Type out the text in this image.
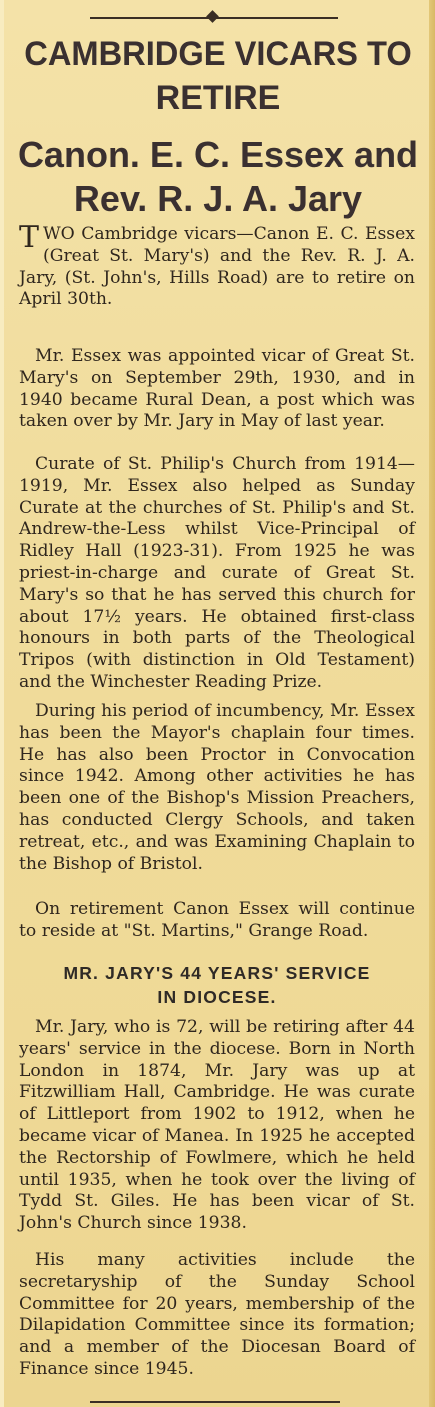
CAMBRIDGE VICARS TO
RETIRE
Canon. E. C. Essex and
Rev. R. J. A. Jary
TWO Cambridge vicars—Canon E. C. Essex (Great St. Mary's) and the Rev. R. J. A. Jary, (St. John's, Hills Road) are to retire on April 30th.
Mr. Essex was appointed vicar of Great St. Mary's on September 29th, 1930, and in 1940 became Rural Dean, a post which was taken over by Mr. Jary in May of last year.
Curate of St. Philip's Church from 1914—1919, Mr. Essex also helped as Sunday Curate at the churches of St. Philip's and St. Andrew-the-Less whilst Vice-Principal of Ridley Hall (1923-31). From 1925 he was priest-in-charge and curate of Great St. Mary's so that he has served this church for about 17½ years. He obtained first-class honours in both parts of the Theological Tripos (with distinction in Old Testament) and the Winchester Reading Prize.
During his period of incumbency, Mr. Essex has been the Mayor's chaplain four times. He has also been Proctor in Convocation since 1942. Among other activities he has been one of the Bishop's Mission Preachers, has conducted Clergy Schools, and taken retreat, etc., and was Examining Chaplain to the Bishop of Bristol.
On retirement Canon Essex will continue to reside at "St. Martins," Grange Road.
MR. JARY'S 44 YEARS' SERVICE
IN DIOCESE.
Mr. Jary, who is 72, will be retiring after 44 years' service in the diocese. Born in North London in 1874, Mr. Jary was up at Fitzwilliam Hall, Cambridge. He was curate of Littleport from 1902 to 1912, when he became vicar of Manea. In 1925 he accepted the Rectorship of Fowlmere, which he held until 1935, when he took over the living of Tydd St. Giles. He has been vicar of St. John's Church since 1938.
His many activities include the secretaryship of the Sunday School Committee for 20 years, membership of the Dilapidation Committee since its formation; and a member of the Diocesan Board of Finance since 1945.
